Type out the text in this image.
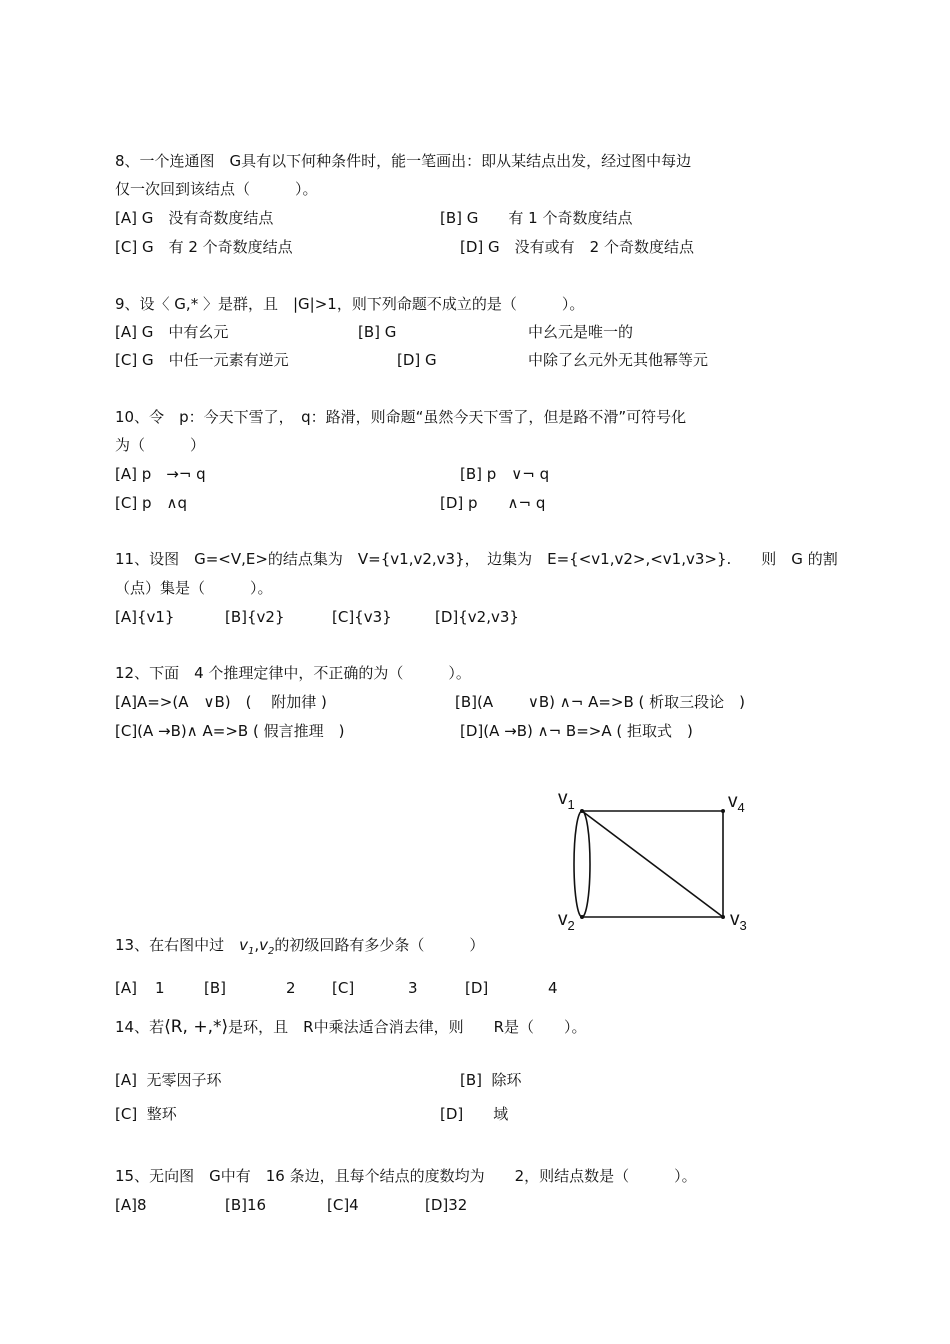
8、一个连通图　G具有以下何种条件时，能一笔画出：即从某结点出发，经过图中每边
仅一次回到该结点（　　　）。
[A] G　没有奇数度结点	[B] G　　有 1 个奇数度结点
[C] G　有 2 个奇数度结点	[D] G　没有或有　2 个奇数度结点
9、设〈 G,* 〉是群，且　|G|>1，则下列命题不成立的是（　　　）。
[A] G　中有幺元	[B] G	中幺元是唯一的
[C] G　中任一元素有逆元	[D] G	中除了幺元外无其他幂等元
10、令　p：今天下雪了，　q：路滑，则命题“虽然今天下雪了，但是路不滑”可符号化
为（　　　）
[A] p　→¬ q	[B] p　∨¬ q
[C] p　∧q	[D] p　　∧¬ q
11、设图　G=<V,E>的结点集为　V={v1,v2,v3}，　边集为　E={<v1,v2>,<v1,v3>}.　　则　G 的割
（点）集是（　　　）。
[A]{v1}	[B]{v2}	[C]{v3}	[D]{v2,v3}
12、下面　4 个推理定律中，不正确的为（　　　）。
[A]A=>(A　∨B)　(　 附加律 )	[B](A　　 ∨B) ∧¬ A=>B ( 析取三段论　)
[C](A →B)∧ A=>B ( 假言推理　)	[D](A →B) ∧¬ B=>A ( 拒取式　)
$v_1$	$v_4$
$v_2$	$v_3$
13、在右图中过  $v_1,v_2$的初级回路有多少条（　　　）
[A] 1	[B]	2 [C]	3	[D]	4
14、若⟨R, +,*⟩是环，且　R中乘法适合消去律，则　　R是（　　）。
[A]  无零因子环	[B]  除环
[C]  整环	[D]　　域
15、无向图　G中有　16 条边，且每个结点的度数均为　　2，则结点数是（　　　）。
[A]8	[B]16	[C]4	[D]32
